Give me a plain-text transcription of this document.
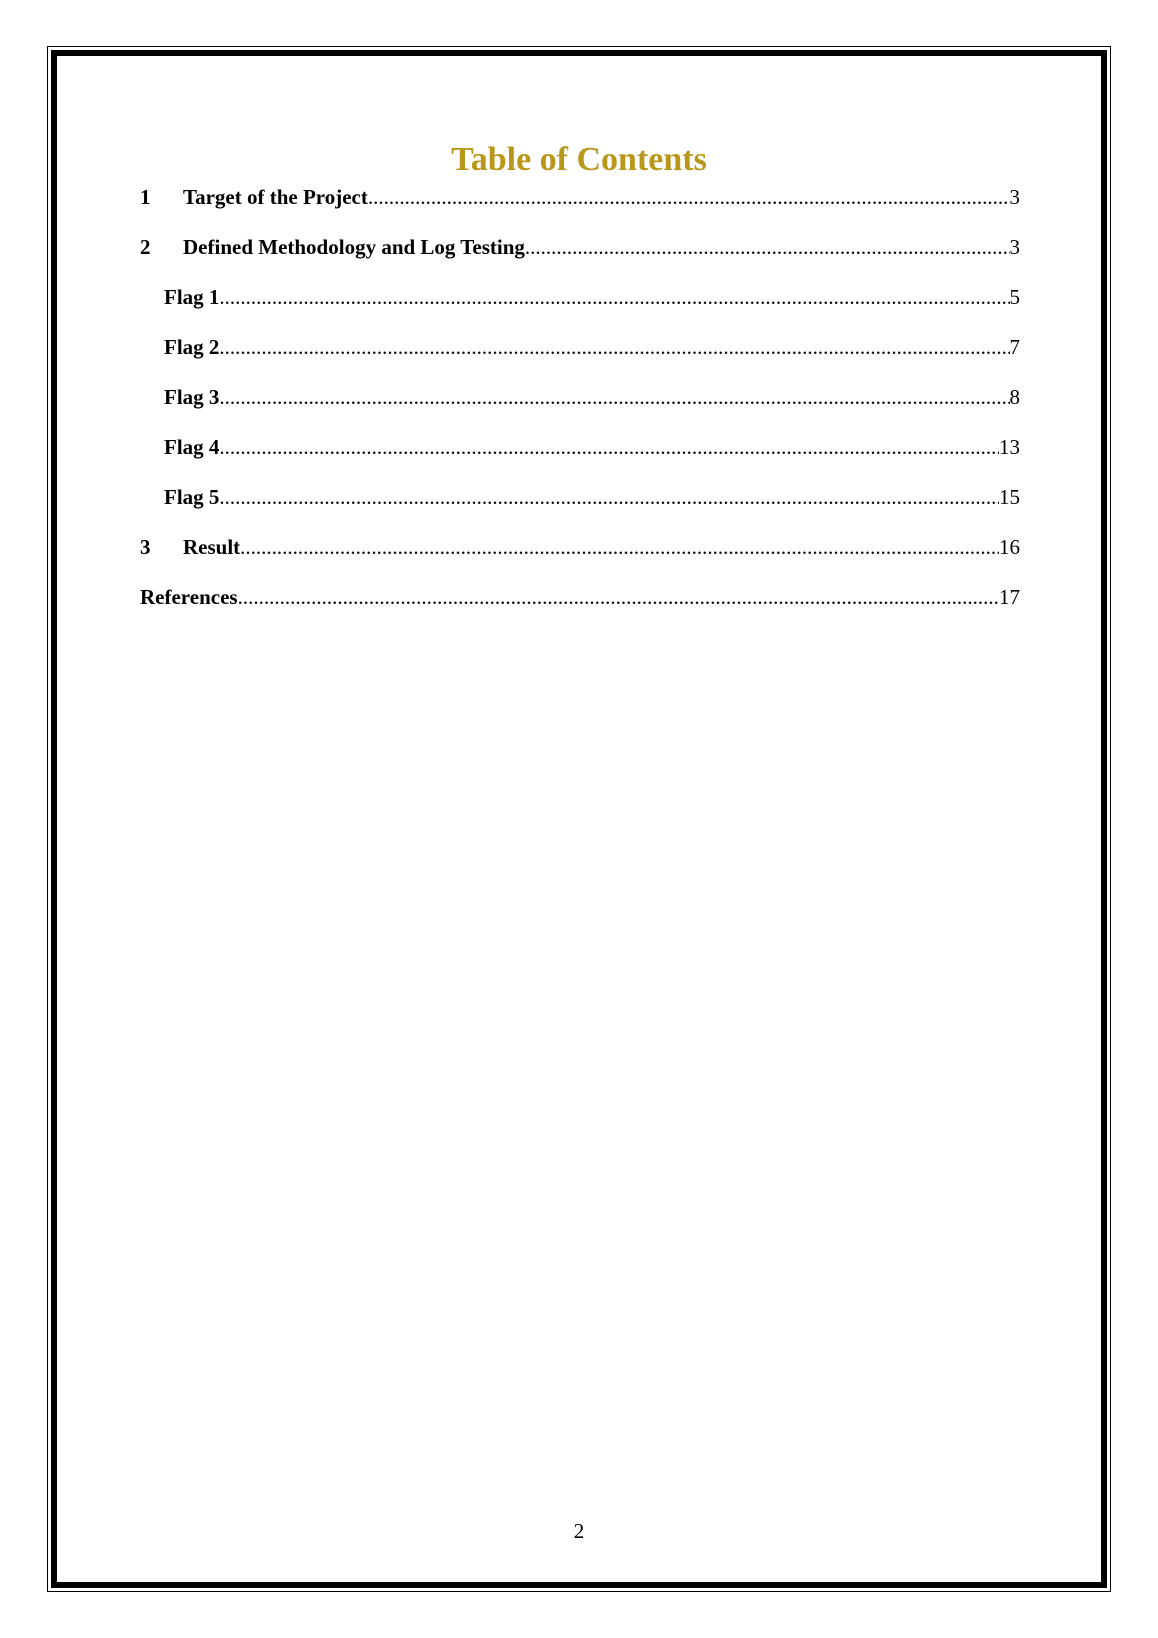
Table of Contents
1	Target of the Project .....	3
2	Defined Methodology and Log Testing .....	3
Flag 1 .....	5
Flag 2 .....	7
Flag 3 .....	8
Flag 4 .....	13
Flag 5 .....	15
3	Result .....	16
References .....	17
2
